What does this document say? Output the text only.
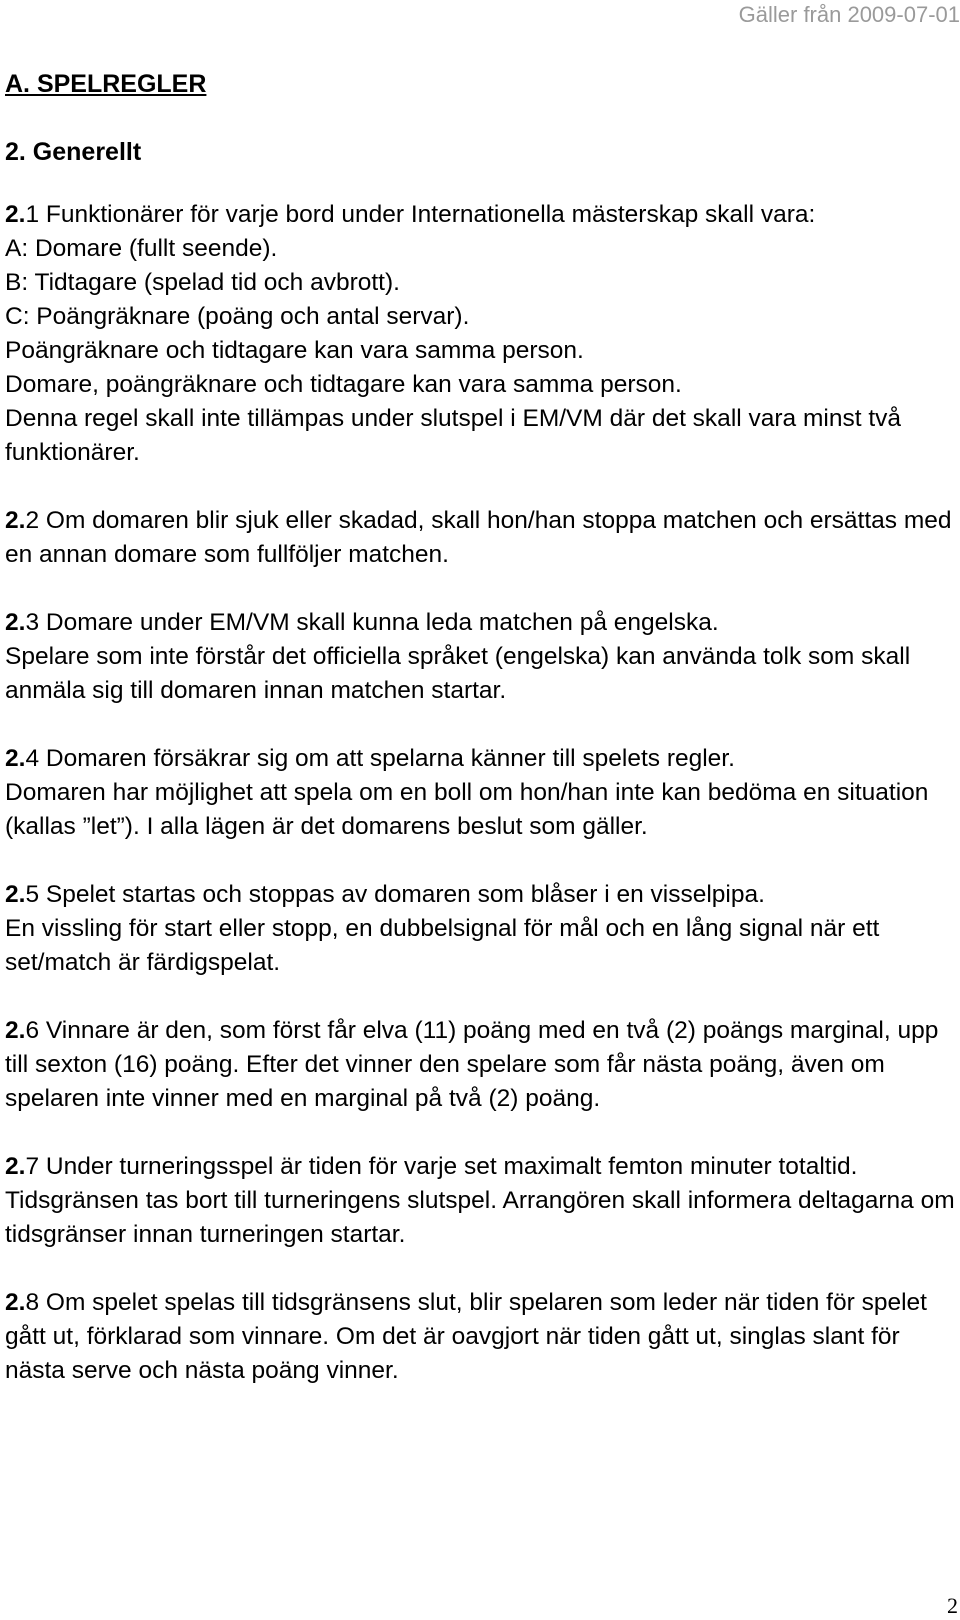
Gäller från 2009-07-01
A. SPELREGLER
2. Generellt

2.1 Funktionärer för varje bord under Internationella mästerskap skall vara:
A: Domare (fullt seende).
B: Tidtagare (spelad tid och avbrott).
C: Poängräknare (poäng och antal servar).
Poängräknare och tidtagare kan vara samma person.
Domare, poängräknare och tidtagare kan vara samma person.
Denna regel skall inte tillämpas under slutspel i EM/VM där det skall vara minst två funktionärer.

2.2 Om domaren blir sjuk eller skadad, skall hon/han stoppa matchen och ersättas med en annan domare som fullföljer matchen.

2.3 Domare under EM/VM skall kunna leda matchen på engelska.
Spelare som inte förstår det officiella språket (engelska) kan använda tolk som skall anmäla sig till domaren innan matchen startar.

2.4 Domaren försäkrar sig om att spelarna känner till spelets regler.
Domaren har möjlighet att spela om en boll om hon/han inte kan bedöma en situation (kallas ”let”). I alla lägen är det domarens beslut som gäller.

2.5 Spelet startas och stoppas av domaren som blåser i en visselpipa.
En vissling för start eller stopp, en dubbelsignal för mål och en lång signal när ett set/match är färdigspelat.

2.6 Vinnare är den, som först får elva (11) poäng med en två (2) poängs marginal, upp till sexton (16) poäng. Efter det vinner den spelare som får nästa poäng, även om spelaren inte vinner med en marginal på två (2) poäng.

2.7 Under turneringsspel är tiden för varje set maximalt femton minuter totaltid. Tidsgränsen tas bort till turneringens slutspel. Arrangören skall informera deltagarna om tidsgränser innan turneringen startar.

2.8 Om spelet spelas till tidsgränsens slut, blir spelaren som leder när tiden för spelet gått ut, förklarad som vinnare. Om det är oavgjort när tiden gått ut, singlas slant för nästa serve och nästa poäng vinner.

2
